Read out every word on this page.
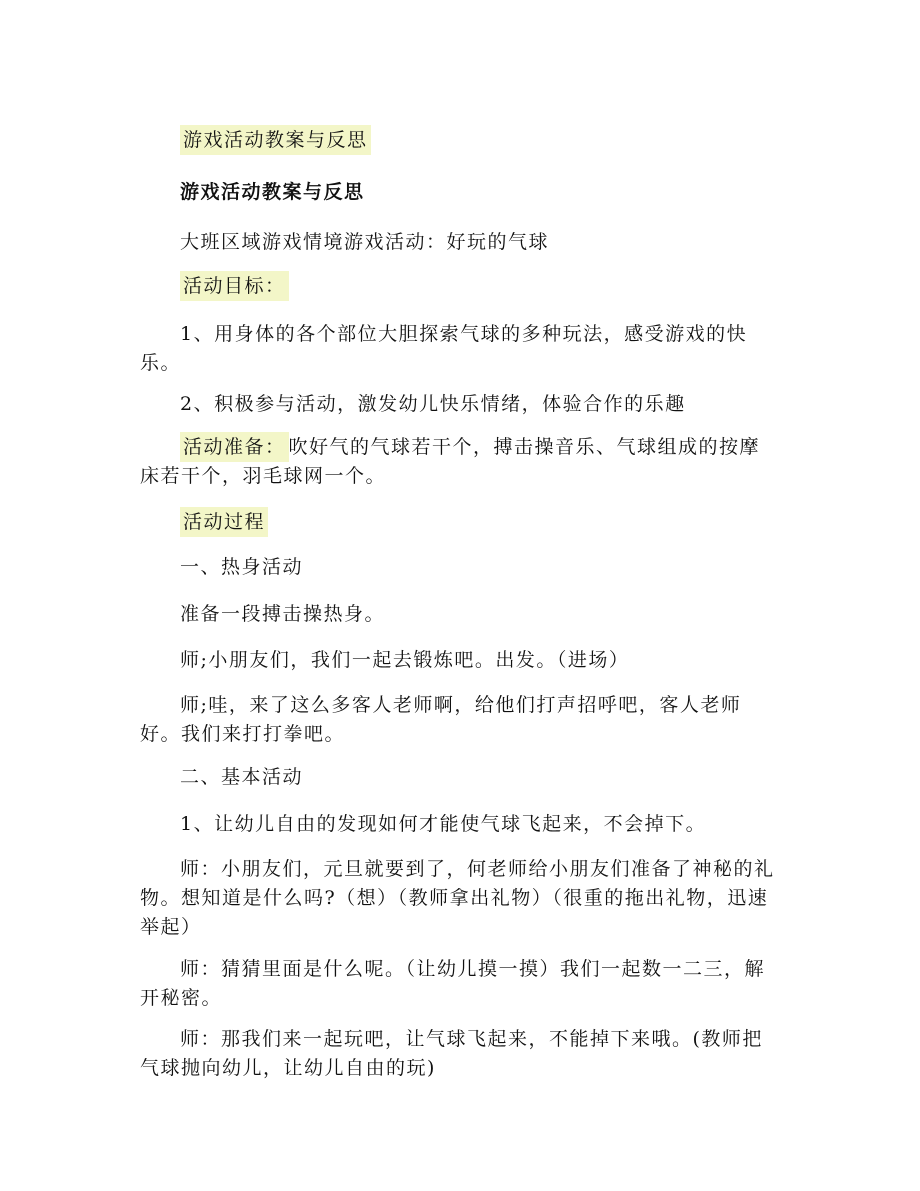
游戏活动教案与反思

游戏活动教案与反思

大班区域游戏情境游戏活动：好玩的气球

活动目标：

1、用身体的各个部位大胆探索气球的多种玩法，感受游戏的快乐。

2、积极参与活动，激发幼儿快乐情绪，体验合作的乐趣

活动准备： 吹好气的气球若干个，搏击操音乐、气球组成的按摩床若干个，羽毛球网一个。

活动过程

一、热身活动

准备一段搏击操热身。

师;小朋友们，我们一起去锻炼吧。出发。（进场）

师;哇，来了这么多客人老师啊，给他们打声招呼吧，客人老师好。我们来打打拳吧。

二、基本活动

1、让幼儿自由的发现如何才能使气球飞起来，不会掉下。

师：小朋友们，元旦就要到了，何老师给小朋友们准备了神秘的礼物。想知道是什么吗?（想）（教师拿出礼物）（很重的拖出礼物，迅速举起）

师：猜猜里面是什么呢。（让幼儿摸一摸）我们一起数一二三，解开秘密。

师：那我们来一起玩吧，让气球飞起来，不能掉下来哦。(教师把气球抛向幼儿，让幼儿自由的玩)
